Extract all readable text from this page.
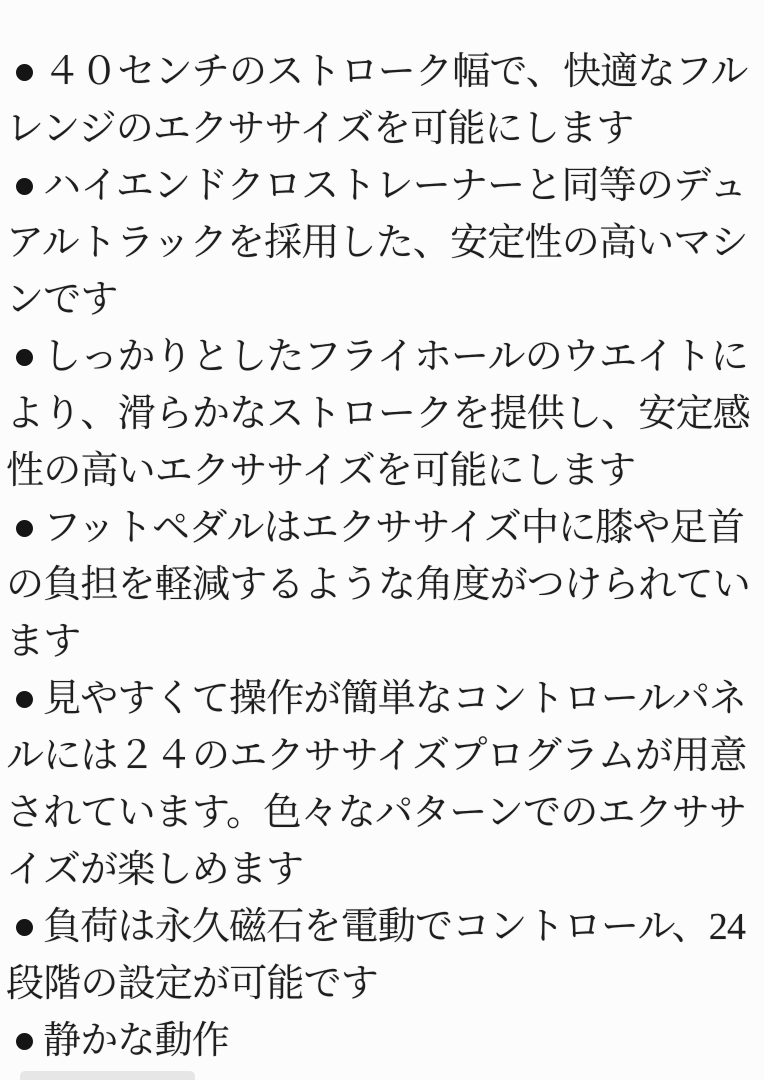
４０センチのストローク幅で、快適なフルレンジのエクササイズを可能にします

ハイエンドクロストレーナーと同等のデュアルトラックを採用した、安定性の高いマシンです

しっかりとしたフライホールのウエイトにより、滑らかなストロークを提供し、安定感性の高いエクササイズを可能にします

フットペダルはエクササイズ中に膝や足首の負担を軽減するような角度がつけられています

見やすくて操作が簡単なコントロールパネルには２４のエクササイズプログラムが用意されています。色々なパターンでのエクササイズが楽しめます

負荷は永久磁石を電動でコントロール、24段階の設定が可能です

静かな動作
